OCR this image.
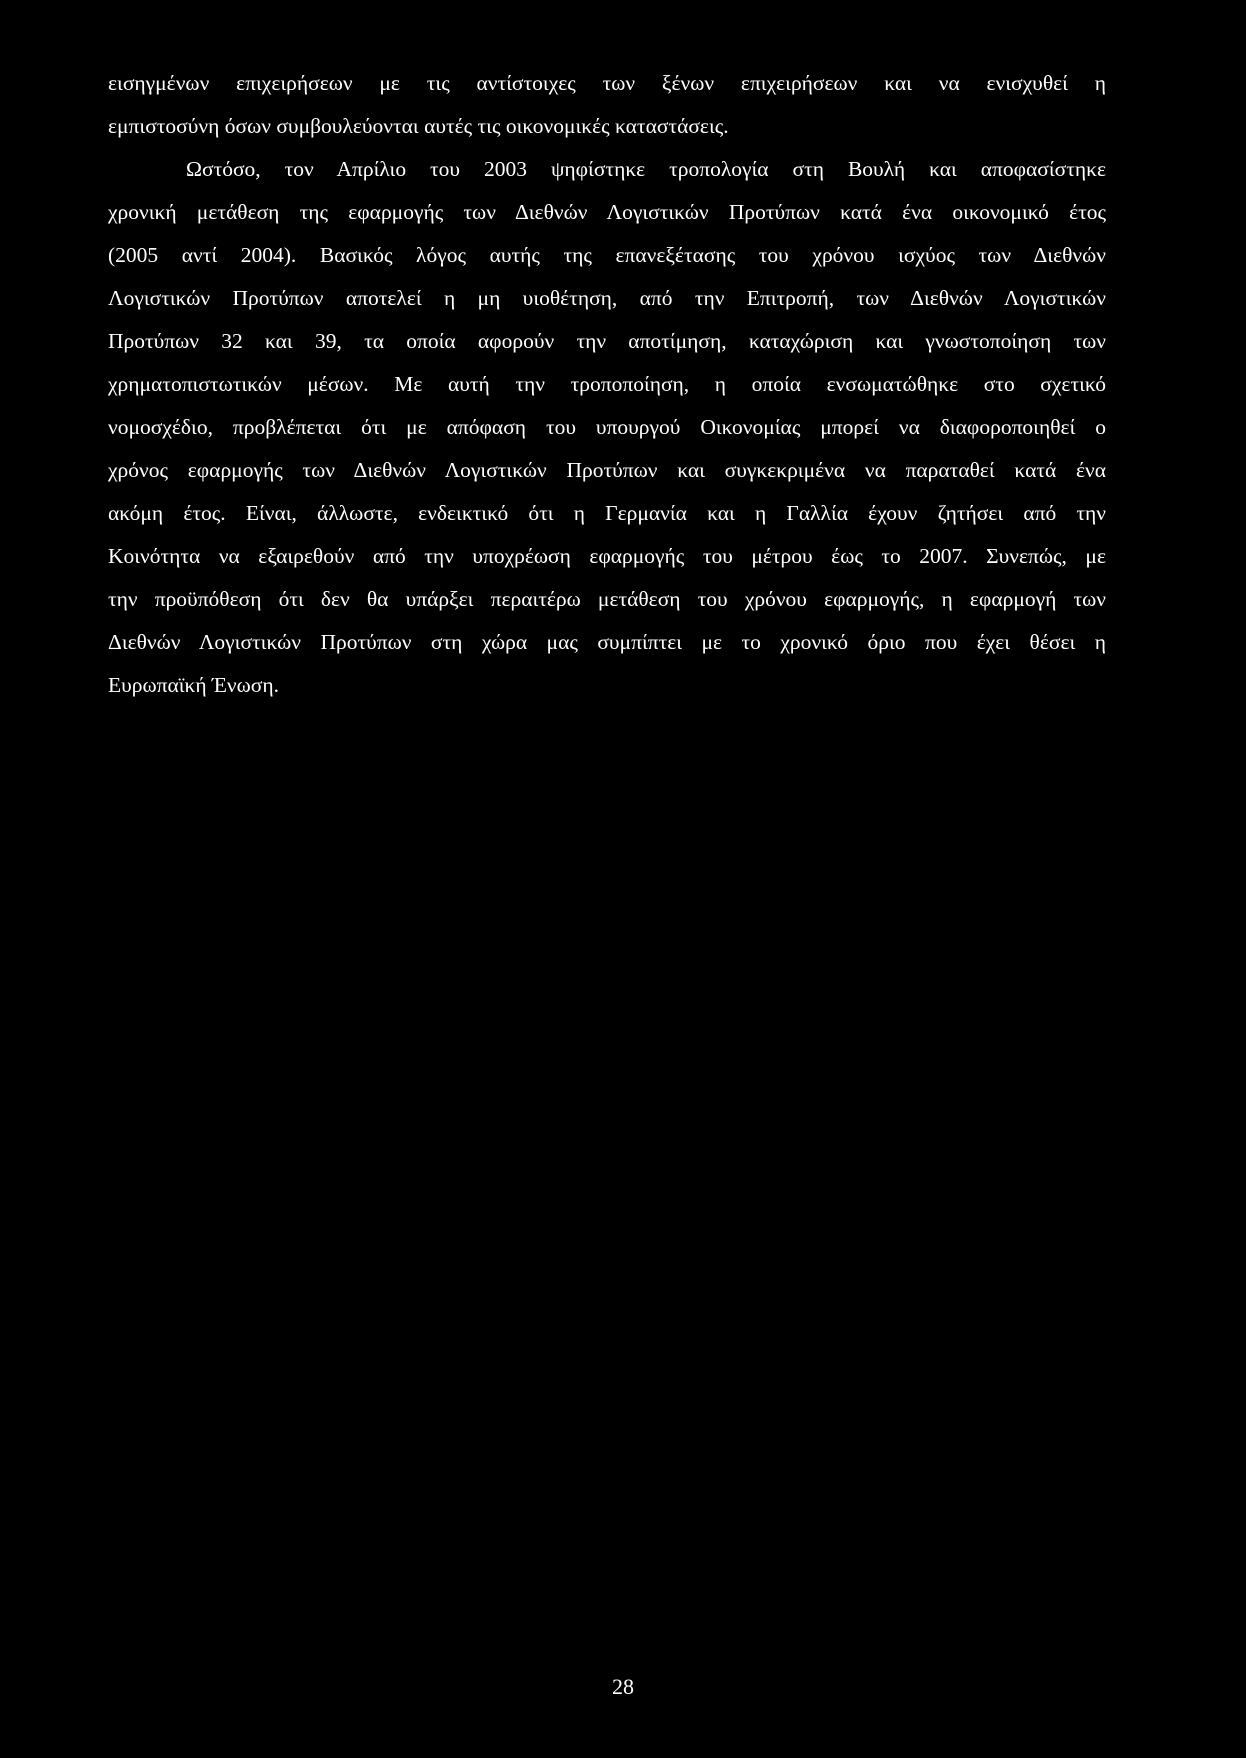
εισηγμένων επιχειρήσεων με τις αντίστοιχες των ξένων επιχειρήσεων και να ενισχυθεί η
εμπιστοσύνη όσων συμβουλεύονται αυτές τις οικονομικές καταστάσεις.
Ωστόσο, τον Απρίλιο του 2003 ψηφίστηκε τροπολογία στη Βουλή και αποφασίστηκε
χρονική μετάθεση της εφαρμογής των Διεθνών Λογιστικών Προτύπων κατά ένα οικονομικό έτος
(2005 αντί 2004). Βασικός λόγος αυτής της επανεξέτασης του χρόνου ισχύος των Διεθνών
Λογιστικών Προτύπων αποτελεί η μη υιοθέτηση, από την Επιτροπή, των Διεθνών Λογιστικών
Προτύπων 32 και 39, τα οποία αφορούν την αποτίμηση, καταχώριση και γνωστοποίηση των
χρηματοπιστωτικών μέσων. Με αυτή την τροποποίηση, η οποία ενσωματώθηκε στο σχετικό
νομοσχέδιο, προβλέπεται ότι με απόφαση του υπουργού Οικονομίας μπορεί να διαφοροποιηθεί ο
χρόνος εφαρμογής των Διεθνών Λογιστικών Προτύπων και συγκεκριμένα να παραταθεί κατά ένα
ακόμη έτος. Είναι, άλλωστε, ενδεικτικό ότι η Γερμανία και η Γαλλία έχουν ζητήσει από την
Κοινότητα να εξαιρεθούν από την υποχρέωση εφαρμογής του μέτρου έως το 2007. Συνεπώς, με
την προϋπόθεση ότι δεν θα υπάρξει περαιτέρω μετάθεση του χρόνου εφαρμογής, η εφαρμογή των
Διεθνών Λογιστικών Προτύπων στη χώρα μας συμπίπτει με το χρονικό όριο που έχει θέσει η
Ευρωπαϊκή Ένωση.
28
